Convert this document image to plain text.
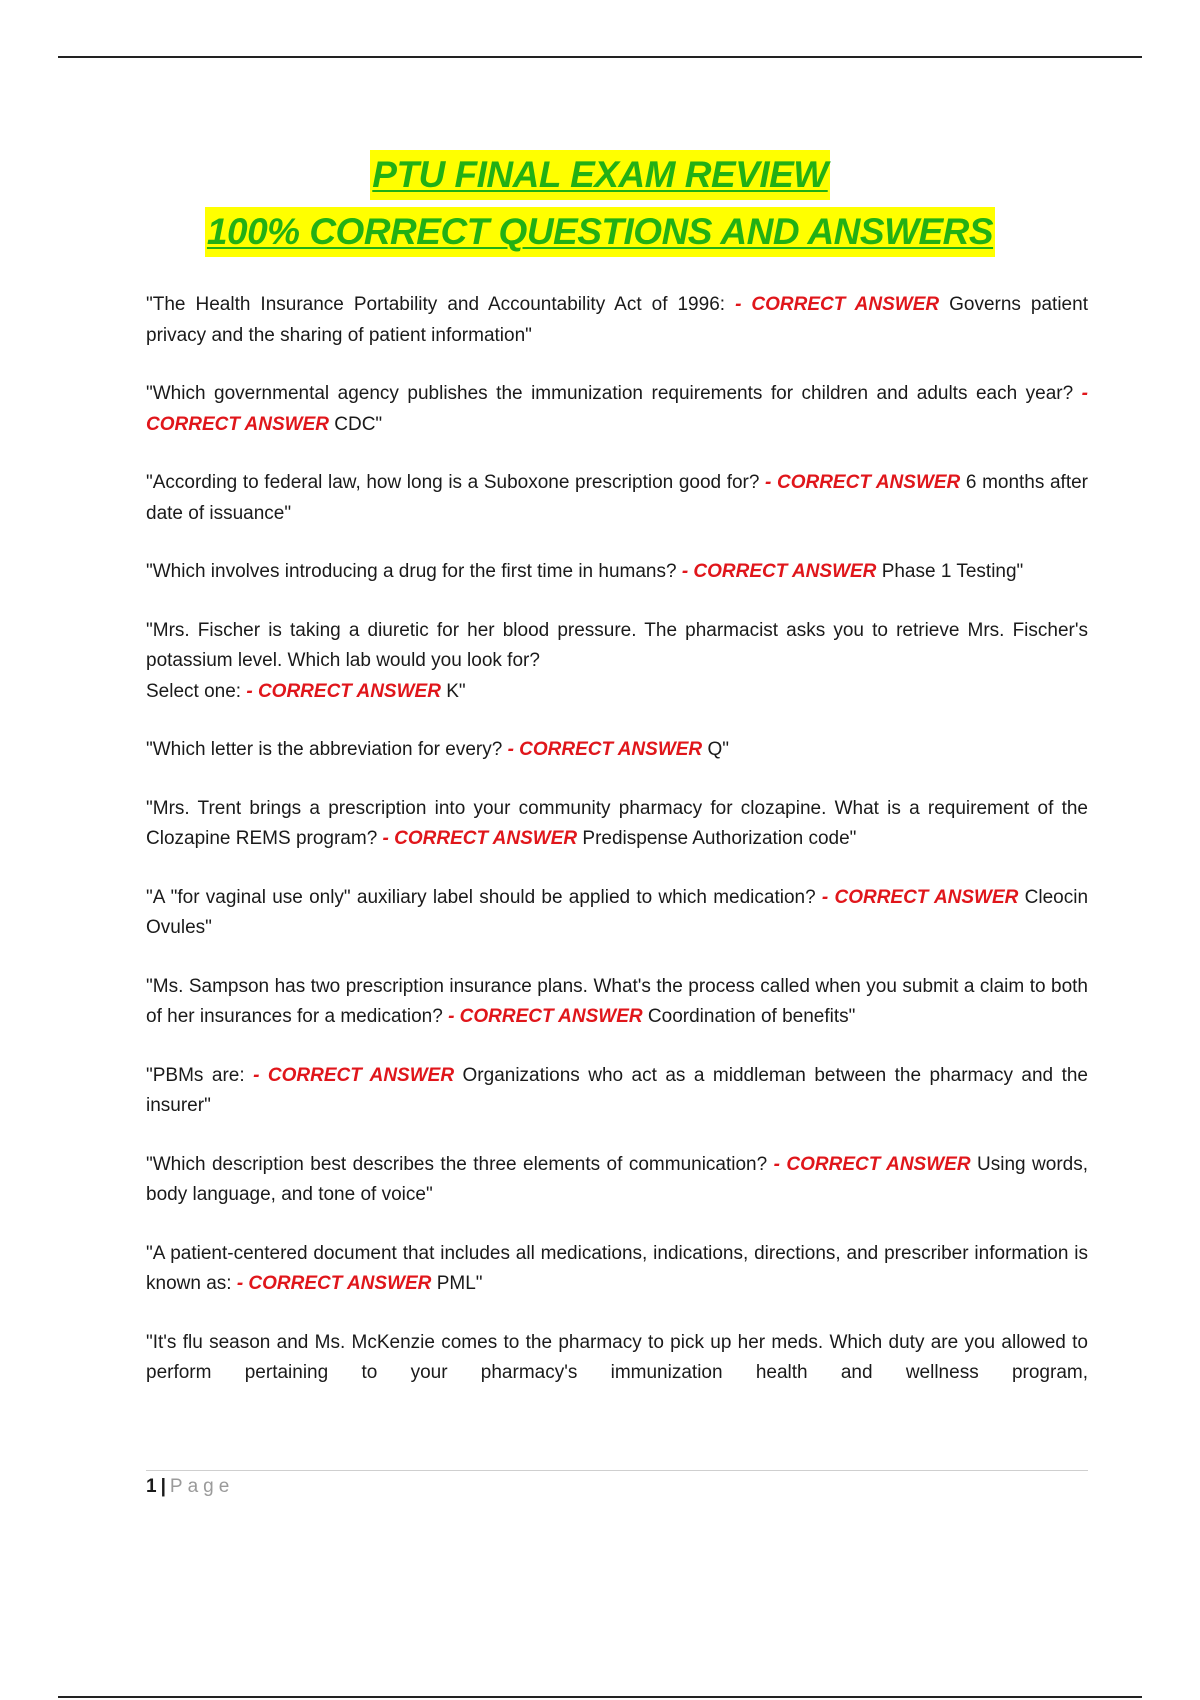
PTU FINAL EXAM REVIEW
100% CORRECT QUESTIONS AND ANSWERS

"The Health Insurance Portability and Accountability Act of 1996: - CORRECT ANSWER Governs patient privacy and the sharing of patient information"

"Which governmental agency publishes the immunization requirements for children and adults each year? - CORRECT ANSWER CDC"

"According to federal law, how long is a Suboxone prescription good for? - CORRECT ANSWER 6 months after date of issuance"

"Which involves introducing a drug for the first time in humans? - CORRECT ANSWER Phase 1 Testing"

"Mrs. Fischer is taking a diuretic for her blood pressure. The pharmacist asks you to retrieve Mrs. Fischer's potassium level. Which lab would you look for?
Select one: - CORRECT ANSWER K"

"Which letter is the abbreviation for every? - CORRECT ANSWER Q"

"Mrs. Trent brings a prescription into your community pharmacy for clozapine. What is a requirement of the Clozapine REMS program? - CORRECT ANSWER Predispense Authorization code"

"A "for vaginal use only" auxiliary label should be applied to which medication? - CORRECT ANSWER Cleocin Ovules"

"Ms. Sampson has two prescription insurance plans. What's the process called when you submit a claim to both of her insurances for a medication? - CORRECT ANSWER Coordination of benefits"

"PBMs are: - CORRECT ANSWER Organizations who act as a middleman between the pharmacy and the insurer"

"Which description best describes the three elements of communication? - CORRECT ANSWER Using words, body language, and tone of voice"

"A patient-centered document that includes all medications, indications, directions, and prescriber information is known as: - CORRECT ANSWER PML"

"It's flu season and Ms. McKenzie comes to the pharmacy to pick up her meds. Which duty are you allowed to perform pertaining to your pharmacy's immunization health and wellness program,

1 | Page
